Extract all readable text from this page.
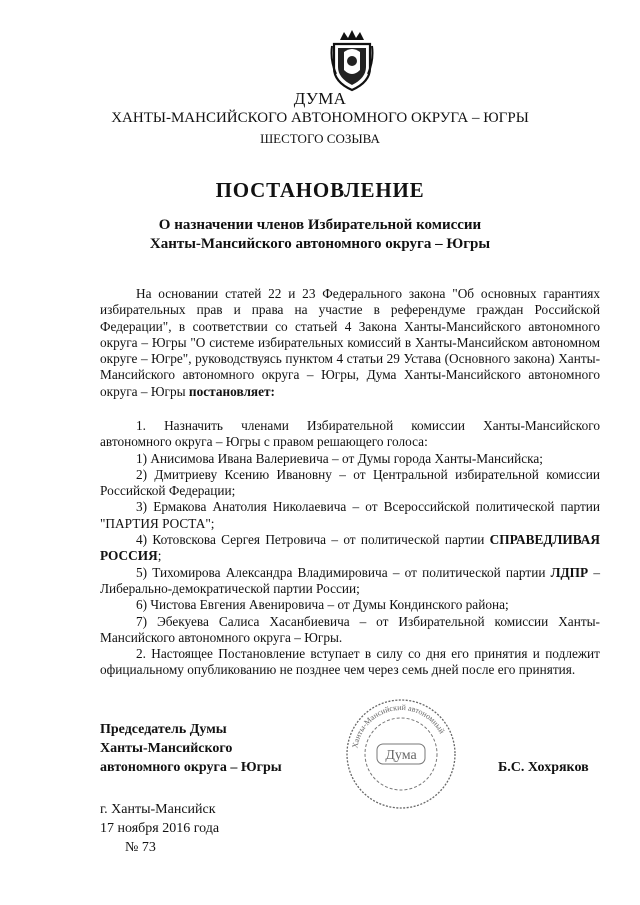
ДУМА
ХАНТЫ-МАНСИЙСКОГО АВТОНОМНОГО ОКРУГА – ЮГРЫ
ШЕСТОГО СОЗЫВА
ПОСТАНОВЛЕНИЕ
О назначении членов Избирательной комиссии
Ханты-Мансийского автономного округа – Югры

На основании статей 22 и 23 Федерального закона "Об основных гарантиях избирательных прав и права на участие в референдуме граждан Российской Федерации", в соответствии со статьей 4 Закона Ханты-Мансийского автономного округа – Югры "О системе избирательных комиссий в Ханты-Мансийском автономном округе – Югре", руководствуясь пунктом 4 статьи 29 Устава (Основного закона) Ханты-Мансийского автономного округа – Югры, Дума Ханты-Мансийского автономного округа – Югры постановляет:

1. Назначить членами Избирательной комиссии Ханты-Мансийского автономного округа – Югры с правом решающего голоса:

1) Анисимова Ивана Валериевича – от Думы города Ханты-Мансийска;

2) Дмитриеву Ксению Ивановну – от Центральной избирательной комиссии Российской Федерации;

3) Ермакова Анатолия Николаевича – от Всероссийской политической партии "ПАРТИЯ РОСТА";

4) Котовскова Сергея Петровича – от политической партии СПРАВЕДЛИВАЯ РОССИЯ;

5) Тихомирова Александра Владимировича – от политической партии ЛДПР – Либерально-демократической партии России;

6) Чистова Евгения Авенировича – от Думы Кондинского района;

7) Эбекуева Салиса Хасанбиевича – от Избирательной комиссии Ханты-Мансийского автономного округа – Югры.

2. Настоящее Постановление вступает в силу со дня его принятия и подлежит официальному опубликованию не позднее чем через семь дней после его принятия.

Председатель Думы
Ханты-Мансийского
автономного округа – Югры
Ханты-Мансийский автономный
Дума
Б.С. Хохряков
г. Ханты-Мансийск
17 ноября 2016 года
№ 73
